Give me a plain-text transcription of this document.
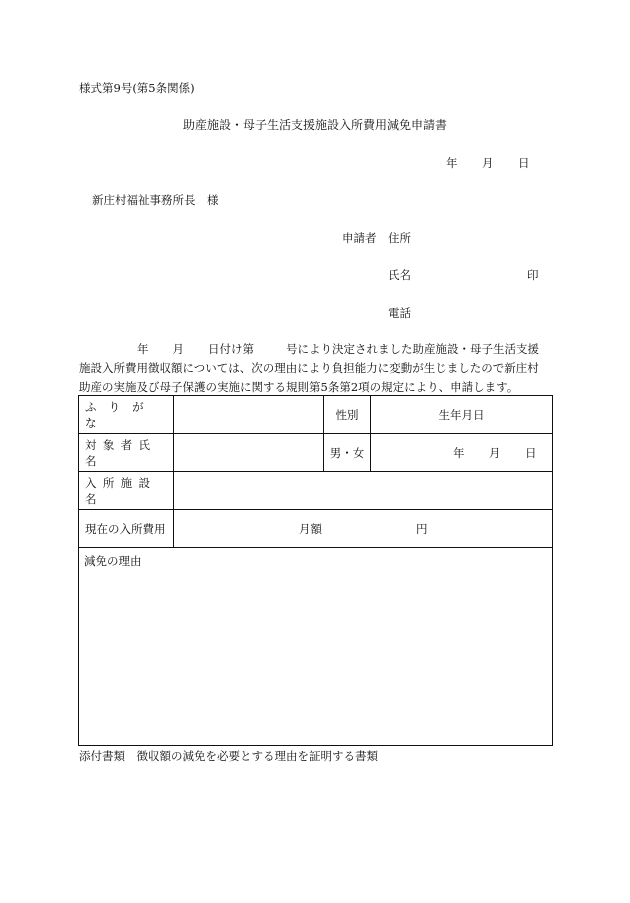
様式第9号(第5条関係)
助産施設・母子生活支援施設入所費用減免申請書
年 月 日
新庄村福祉事務所長　様
申請者 住所
氏名	印
電話
年 月 日付け第	号により決定されました助産施設・母子生活支援
施設入所費用徴収額については、次の理由により負担能力に変動が生じましたので新庄村
助産の実施及び母子保護の実施に関する規則第5条第2項の規定により、申請します。
ふりがな		性別	生年月日
対象者氏名		男・女	年 月 日

入所施設名			
現在の入所費用	月額 円		

減免の理由			
添付書類　徴収額の減免を必要とする理由を証明する書類
